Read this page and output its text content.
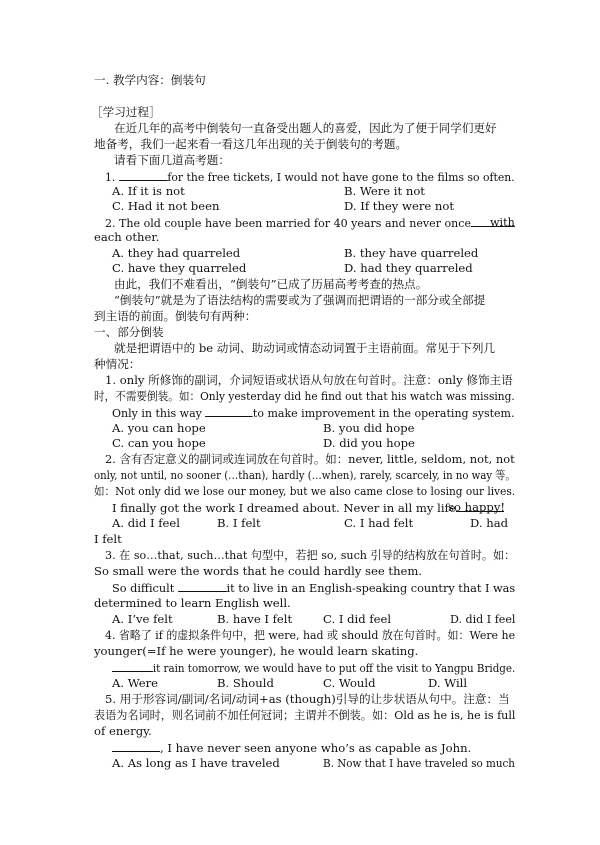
一. 教学内容：倒装句
［学习过程］
在近几年的高考中倒装句一直备受出题人的喜爱，因此为了便于同学们更好
地备考，我们一起来看一看这几年出现的关于倒装句的考题。
请看下面几道高考题：
1.	for the free tickets, I would not have gone to the films so often.
A. If it is not	B. Were it not
C. Had it not been	D. If they were not
2. The old couple have been married for 40 years and never once	with
each other.
A. they had quarreled	B. they have quarreled
C. have they quarreled	D. had they quarreled
由此，我们不难看出，“倒装句”已成了历届高考考查的热点。
“倒装句”就是为了语法结构的需要或为了强调而把谓语的一部分或全部提
到主语的前面。倒装句有两种：
一、部分倒装
就是把谓语中的 be 动词、助动词或情态动词置于主语前面。常见于下列几
种情况：
1. only 所修饰的副词，介词短语或状语从句放在句首时。注意：only 修饰主语
时，不需要倒装。如：Only yesterday did he find out that his watch was missing.
Only in this way	to make improvement in the operating system.
A. you can hope	B. you did hope
C. can you hope	D. did you hope
2. 含有否定意义的副词或连词放在句首时。如：never, little, seldom, not, not
only, not until, no sooner (…than), hardly (…when), rarely, scarcely, in no way 等。
如：Not only did we lose our money, but we also came close to losing our lives.
I finally got the work I dreamed about. Never in all my life
so happy!
A. did I feel	B. I felt	C. I had felt	D. had
I felt
3. 在 so…that, such…that 句型中，若把 so, such 引导的结构放在句首时。如：
So small were the words that he could hardly see them.
So difficult	it to live in an English-speaking country that I was
determined to learn English well.
A. I’ve felt	B. have I felt	C. I did feel	D. did I feel
4. 省略了 if 的虚拟条件句中，把 were, had 或 should 放在句首时。如：Were he
younger(=If he were younger), he would learn skating.
it rain tomorrow, we would have to put off the visit to Yangpu Bridge.
A. Were	B. Should	C. Would	D. Will
5. 用于形容词/副词/名词/动词+as (though)引导的让步状语从句中。注意：当
表语为名词时，则名词前不加任何冠词；主谓并不倒装。如：Old as he is, he is full
of energy.
, I have never seen anyone who’s as capable as John.
A. As long as I have traveled	B. Now that I have traveled so much
